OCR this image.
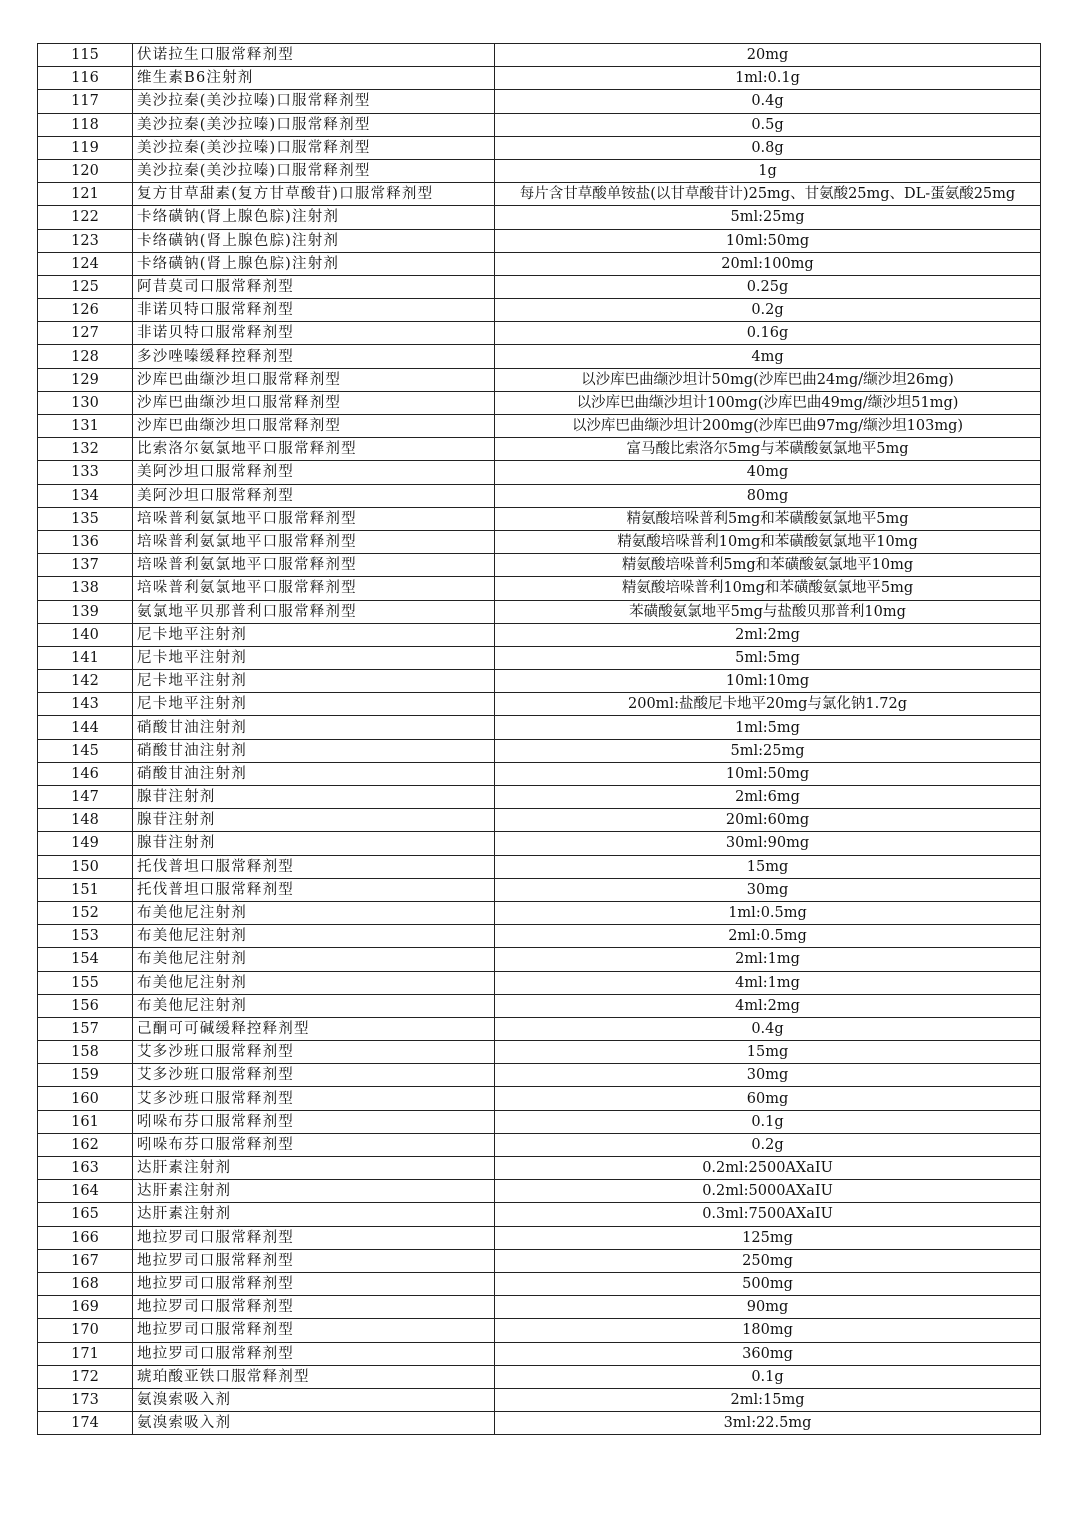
115	伏诺拉生口服常释剂型	20mg
116	维生素B6注射剂	1ml:0.1g
117	美沙拉秦(美沙拉嗪)口服常释剂型	0.4g
118	美沙拉秦(美沙拉嗪)口服常释剂型	0.5g
119	美沙拉秦(美沙拉嗪)口服常释剂型	0.8g
120	美沙拉秦(美沙拉嗪)口服常释剂型	1g
121	复方甘草甜素(复方甘草酸苷)口服常释剂型	每片含甘草酸单铵盐(以甘草酸苷计)25mg、甘氨酸25mg、DL-蛋氨酸25mg
122	卡络磺钠(肾上腺色腙)注射剂	5ml:25mg
123	卡络磺钠(肾上腺色腙)注射剂	10ml:50mg
124	卡络磺钠(肾上腺色腙)注射剂	20ml:100mg
125	阿昔莫司口服常释剂型	0.25g
126	非诺贝特口服常释剂型	0.2g
127	非诺贝特口服常释剂型	0.16g
128	多沙唑嗪缓释控释剂型	4mg
129	沙库巴曲缬沙坦口服常释剂型	以沙库巴曲缬沙坦计50mg(沙库巴曲24mg/缬沙坦26mg)
130	沙库巴曲缬沙坦口服常释剂型	以沙库巴曲缬沙坦计100mg(沙库巴曲49mg/缬沙坦51mg)
131	沙库巴曲缬沙坦口服常释剂型	以沙库巴曲缬沙坦计200mg(沙库巴曲97mg/缬沙坦103mg)
132	比索洛尔氨氯地平口服常释剂型	富马酸比索洛尔5mg与苯磺酸氨氯地平5mg
133	美阿沙坦口服常释剂型	40mg
134	美阿沙坦口服常释剂型	80mg
135	培哚普利氨氯地平口服常释剂型	精氨酸培哚普利5mg和苯磺酸氨氯地平5mg
136	培哚普利氨氯地平口服常释剂型	精氨酸培哚普利10mg和苯磺酸氨氯地平10mg
137	培哚普利氨氯地平口服常释剂型	精氨酸培哚普利5mg和苯磺酸氨氯地平10mg
138	培哚普利氨氯地平口服常释剂型	精氨酸培哚普利10mg和苯磺酸氨氯地平5mg
139	氨氯地平贝那普利口服常释剂型	苯磺酸氨氯地平5mg与盐酸贝那普利10mg
140	尼卡地平注射剂	2ml:2mg
141	尼卡地平注射剂	5ml:5mg
142	尼卡地平注射剂	10ml:10mg
143	尼卡地平注射剂	200ml:盐酸尼卡地平20mg与氯化钠1.72g
144	硝酸甘油注射剂	1ml:5mg
145	硝酸甘油注射剂	5ml:25mg
146	硝酸甘油注射剂	10ml:50mg
147	腺苷注射剂	2ml:6mg
148	腺苷注射剂	20ml:60mg
149	腺苷注射剂	30ml:90mg
150	托伐普坦口服常释剂型	15mg
151	托伐普坦口服常释剂型	30mg
152	布美他尼注射剂	1ml:0.5mg
153	布美他尼注射剂	2ml:0.5mg
154	布美他尼注射剂	2ml:1mg
155	布美他尼注射剂	4ml:1mg
156	布美他尼注射剂	4ml:2mg
157	己酮可可碱缓释控释剂型	0.4g
158	艾多沙班口服常释剂型	15mg
159	艾多沙班口服常释剂型	30mg
160	艾多沙班口服常释剂型	60mg
161	吲哚布芬口服常释剂型	0.1g
162	吲哚布芬口服常释剂型	0.2g
163	达肝素注射剂	0.2ml:2500AXaIU
164	达肝素注射剂	0.2ml:5000AXaIU
165	达肝素注射剂	0.3ml:7500AXaIU
166	地拉罗司口服常释剂型	125mg
167	地拉罗司口服常释剂型	250mg
168	地拉罗司口服常释剂型	500mg
169	地拉罗司口服常释剂型	90mg
170	地拉罗司口服常释剂型	180mg
171	地拉罗司口服常释剂型	360mg
172	琥珀酸亚铁口服常释剂型	0.1g
173	氨溴索吸入剂	2ml:15mg
174	氨溴索吸入剂	3ml:22.5mg
